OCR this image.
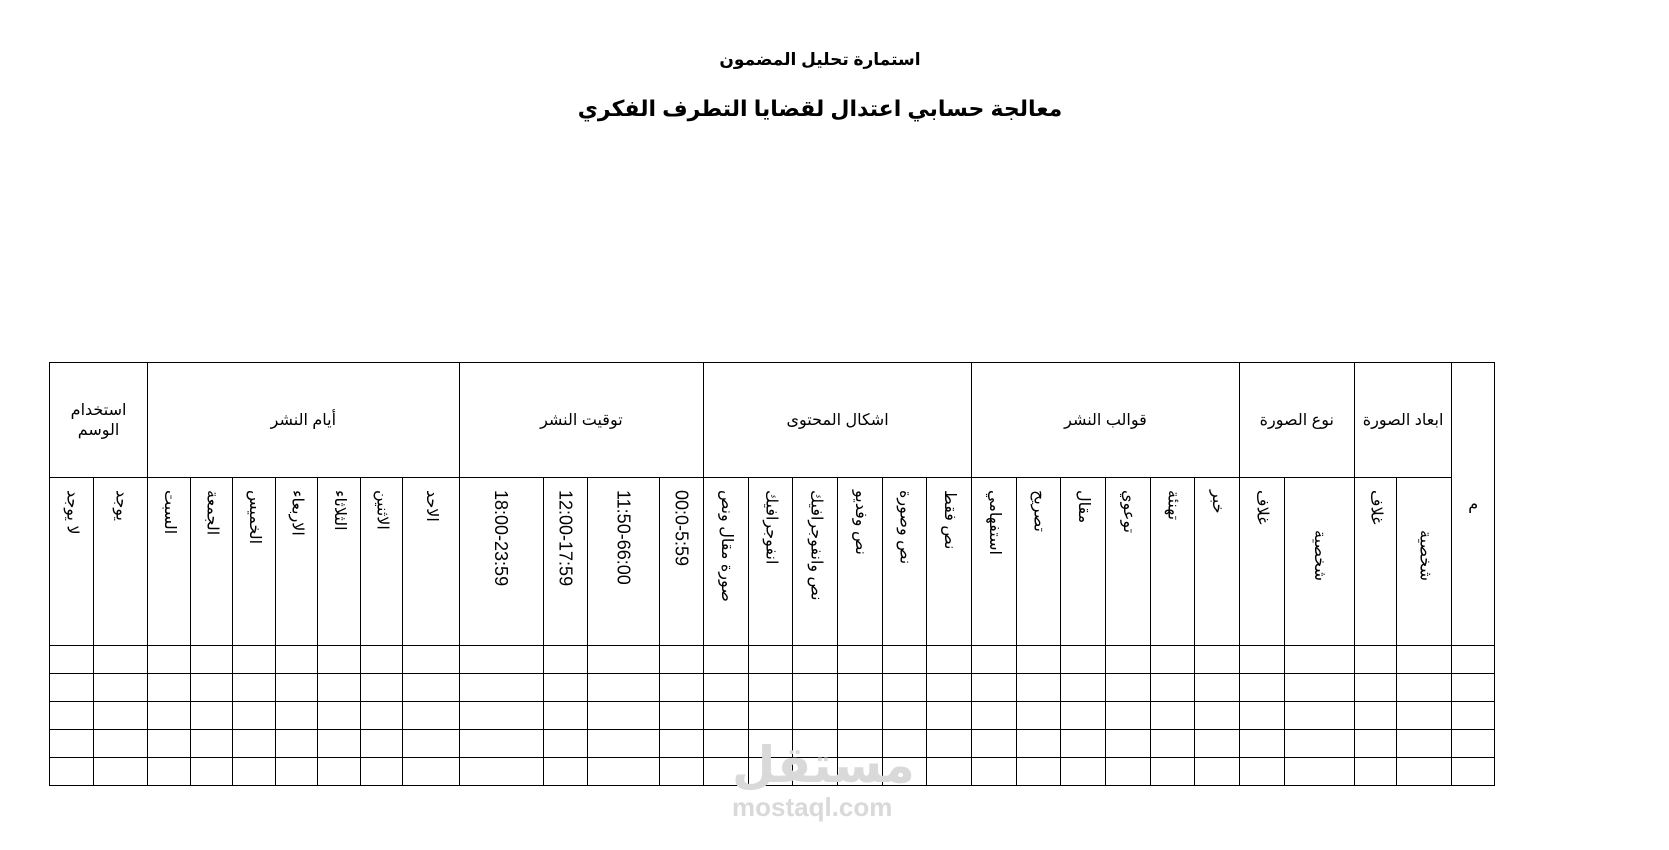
استمارة تحليل المضمون
معالجة حسابي اعتدال لقضايا التطرف الفكري
م	ابعاد الصورة		نوع الصورة		قوالب النشر						اشكال المحتوى						توقيت النشر				أيام النشر							استخدام الوسم	
	شخصية	غلاف	شخصية	غلاف	خبر	تهنئة	توعوي	مقال	تصريح	استفهامي	نص فقط	نص وصورة	نص وفديو	نص وانفوجرافيك	انفوجرافيك	صورة مقال ونص	00:0-5:59	11:50-66:00	12:00-17:59	18:00-23:59	الاحد	الاثنين	الثلاثاء	الاربعاء	الخميس	الجمعة	السبت	يوجد	لا يوجد

مستقل
mostaql.com
